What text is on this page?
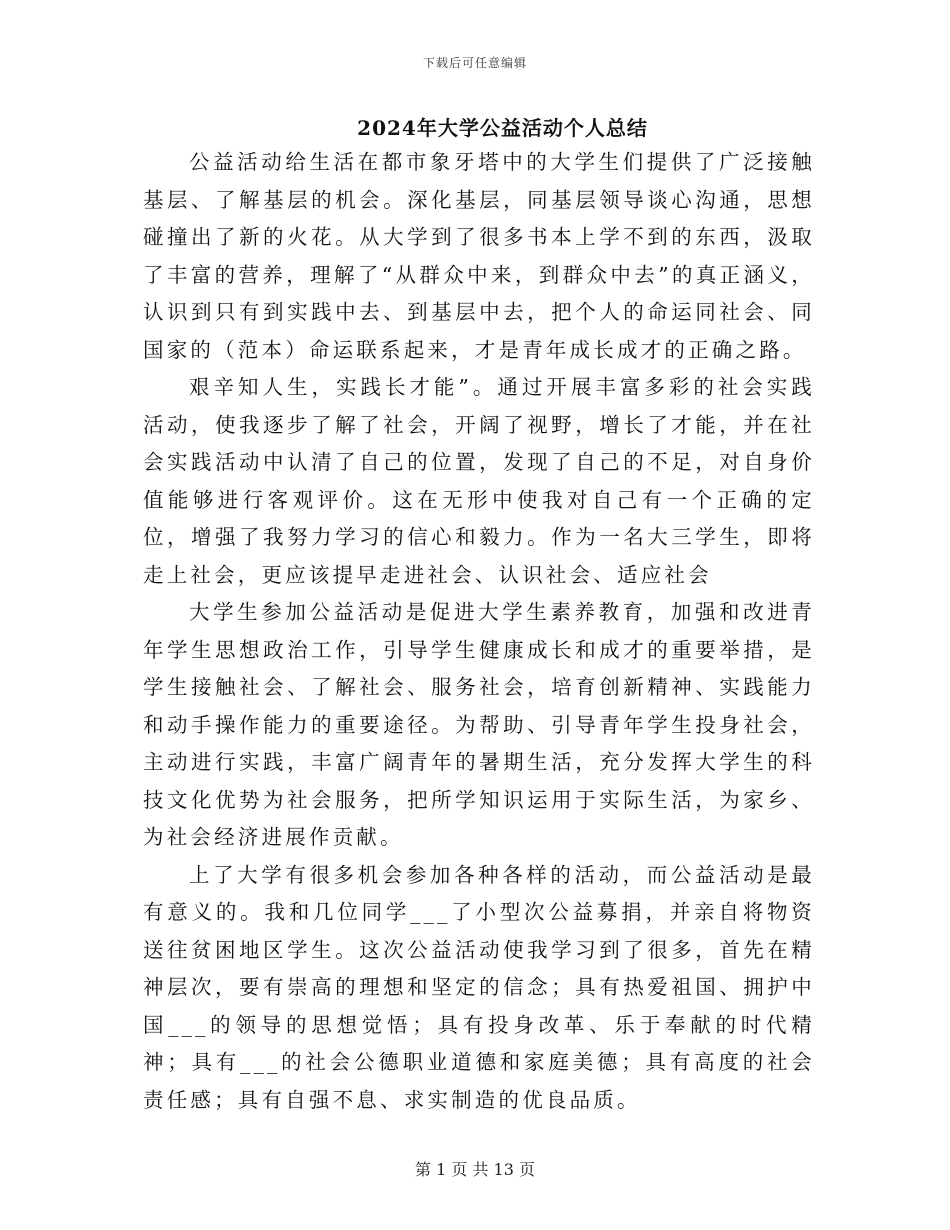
下载后可任意编辑
2024年大学公益活动个人总结

公益活动给生活在都市象牙塔中的大学生们提供了广泛接触基层、了解基层的机会。深化基层，同基层领导谈心沟通，思想碰撞出了新的火花。从大学到了很多书本上学不到的东西，汲取了丰富的营养，理解了“从群众中来，到群众中去”的真正涵义，认识到只有到实践中去、到基层中去，把个人的命运同社会、同国家的（范本）命运联系起来，才是青年成长成才的正确之路。

艰辛知人生，实践长才能”。通过开展丰富多彩的社会实践活动，使我逐步了解了社会，开阔了视野，增长了才能，并在社会实践活动中认清了自己的位置，发现了自己的不足，对自身价值能够进行客观评价。这在无形中使我对自己有一个正确的定位，增强了我努力学习的信心和毅力。作为一名大三学生，即将走上社会，更应该提早走进社会、认识社会、适应社会

大学生参加公益活动是促进大学生素养教育，加强和改进青年学生思想政治工作，引导学生健康成长和成才的重要举措，是学生接触社会、了解社会、服务社会，培育创新精神、实践能力和动手操作能力的重要途径。为帮助、引导青年学生投身社会，主动进行实践，丰富广阔青年的暑期生活，充分发挥大学生的科技文化优势为社会服务，把所学知识运用于实际生活，为家乡、为社会经济进展作贡献。

上了大学有很多机会参加各种各样的活动，而公益活动是最有意义的。我和几位同学___了小型次公益募捐，并亲自将物资送往贫困地区学生。这次公益活动使我学习到了很多，首先在精神层次，要有崇高的理想和坚定的信念；具有热爱祖国、拥护中国___的领导的思想觉悟；具有投身改革、乐于奉献的时代精神；具有___的社会公德职业道德和家庭美德；具有高度的社会责任感；具有自强不息、求实制造的优良品质。

第 1 页 共 13 页
